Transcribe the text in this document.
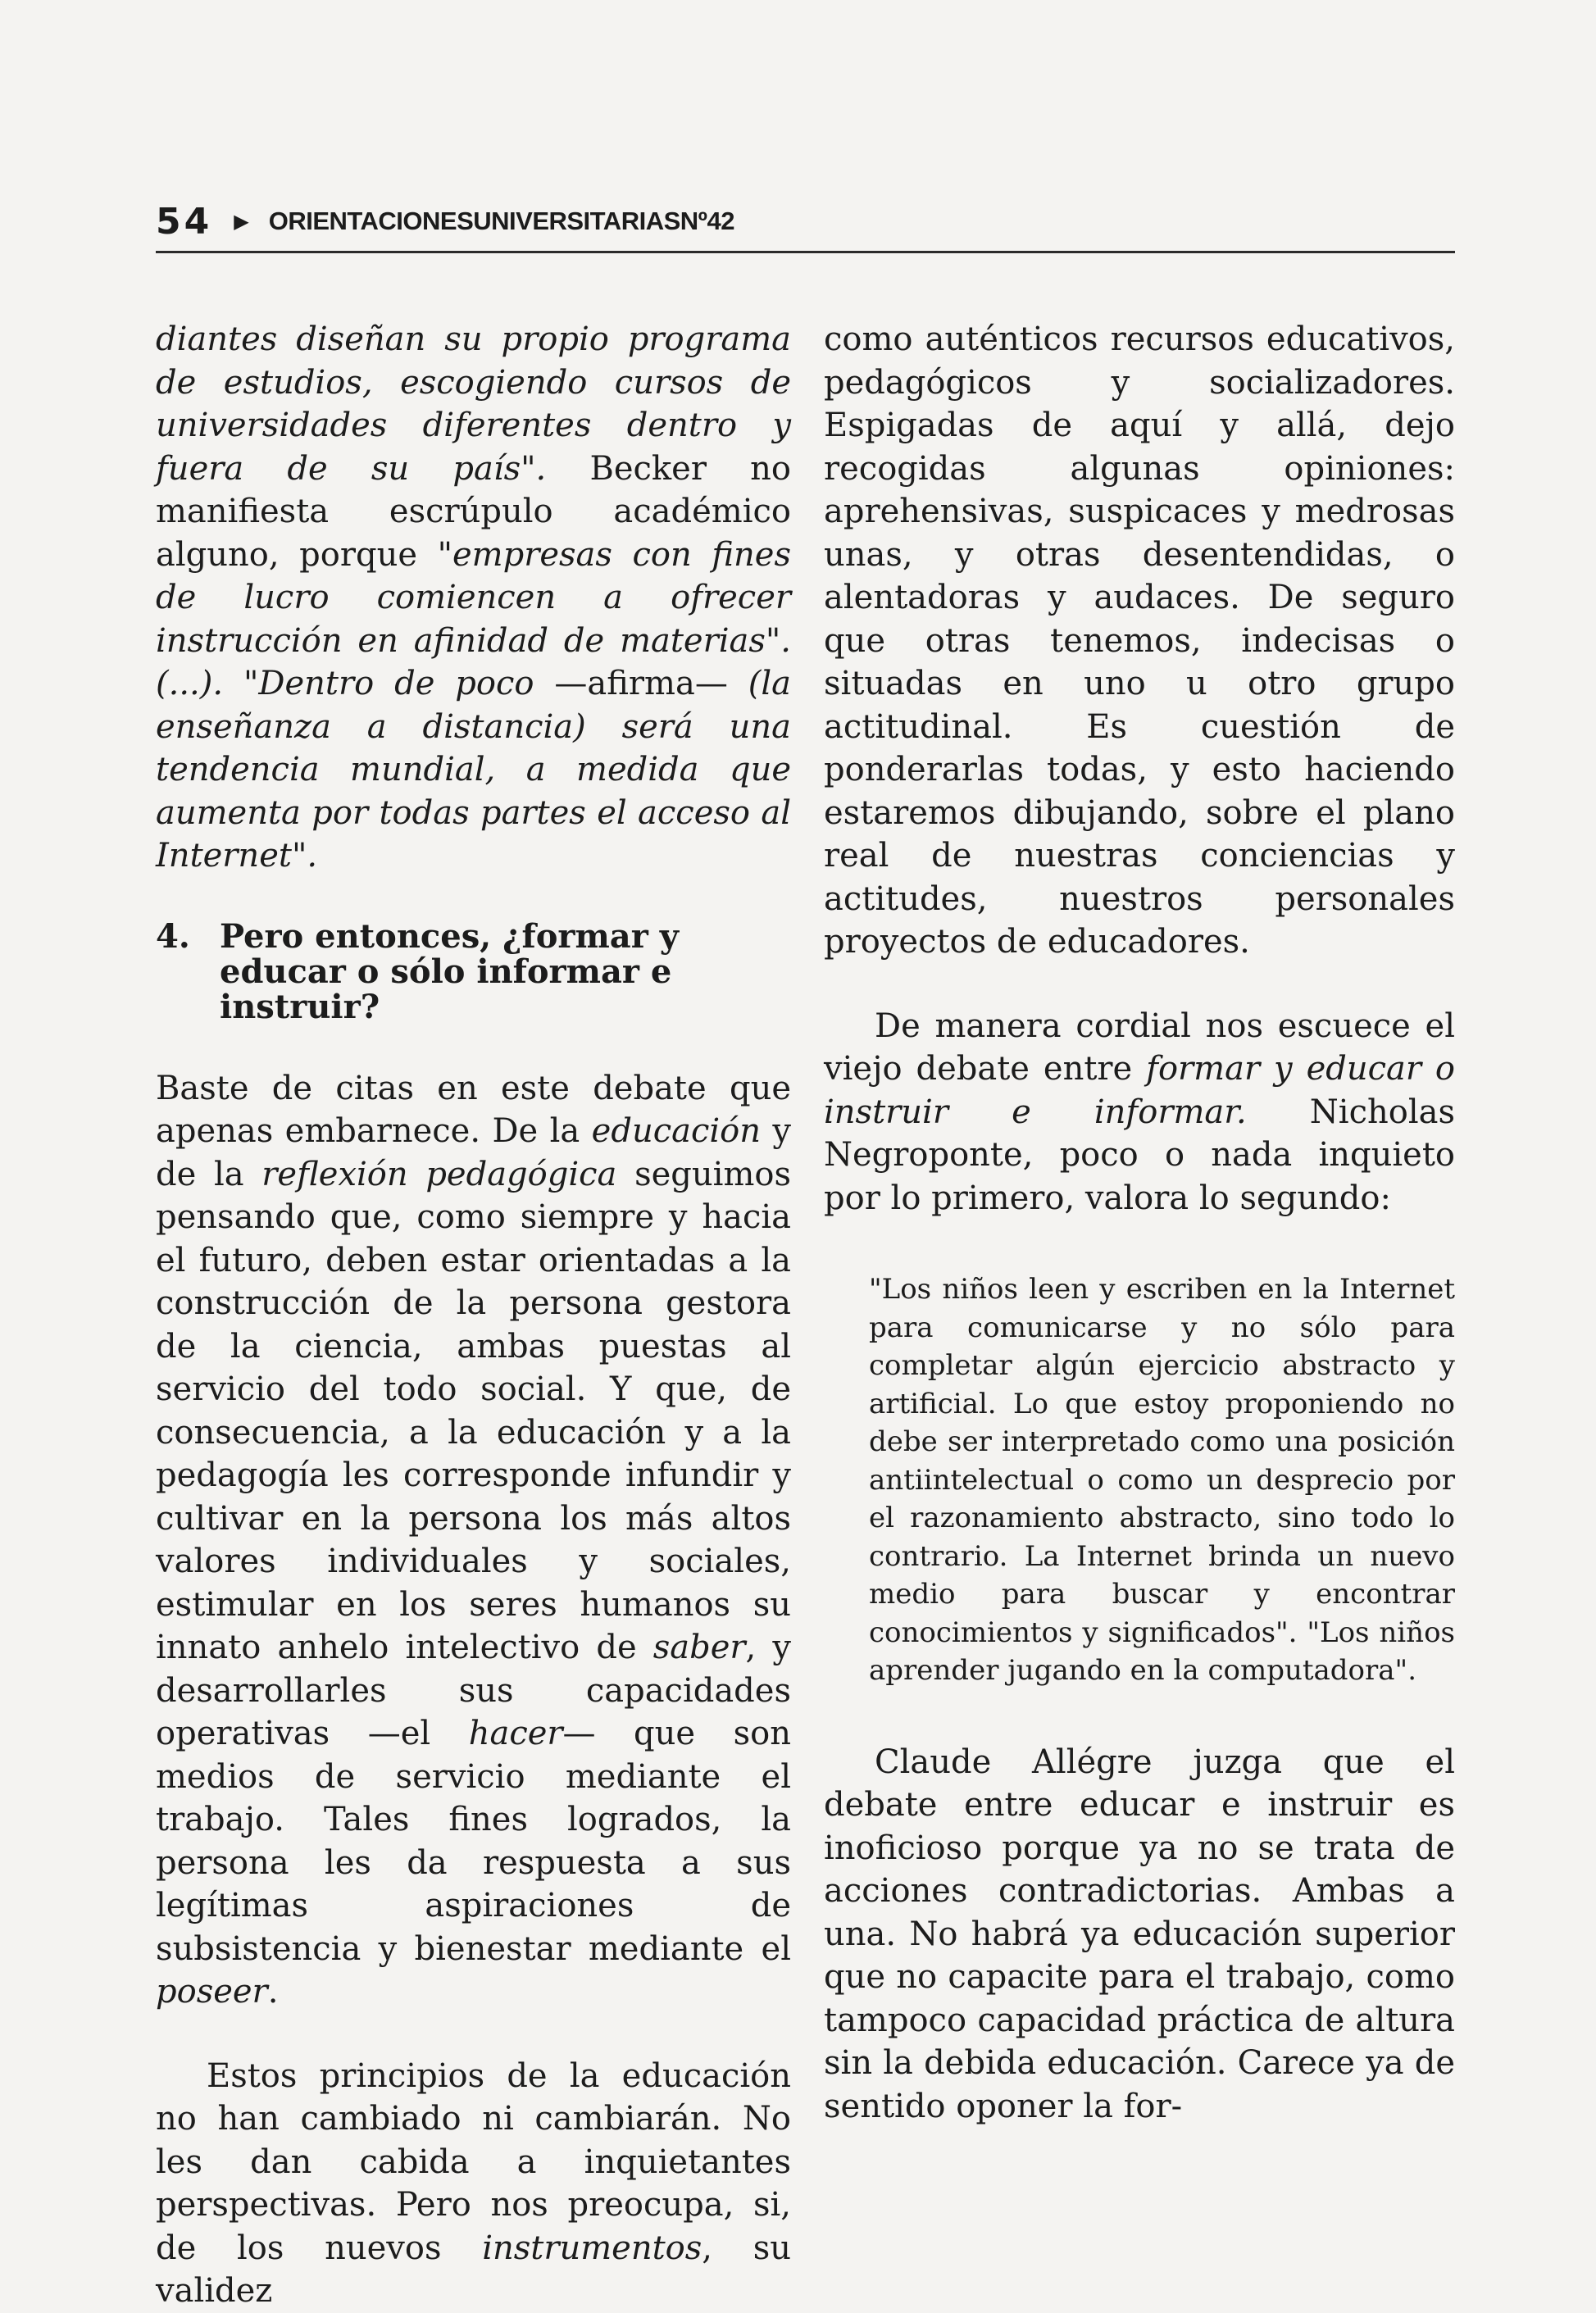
54 ▶ ORIENTACIONESUNIVERSITARIASNº42

diantes diseñan su propio programa de estudios, escogiendo cursos de universidades diferentes dentro y fuera de su país". Becker no manifiesta escrúpulo académico alguno, porque "empresas con fines de lucro comiencen a ofrecer instrucción en afinidad de materias". (...). "Dentro de poco —afirma— (la enseñanza a distancia) será una tendencia mundial, a medida que aumenta por todas partes el acceso al Internet".

4. Pero entonces, ¿formar y educar o sólo informar e instruir?

Baste de citas en este debate que apenas embarnece. De la educación y de la reflexión pedagógica seguimos pensando que, como siempre y hacia el futuro, deben estar orientadas a la construcción de la persona gestora de la ciencia, ambas puestas al servicio del todo social. Y que, de consecuencia, a la educación y a la pedagogía les corresponde infundir y cultivar en la persona los más altos valores individuales y sociales, estimular en los seres humanos su innato anhelo intelectivo de saber, y desarrollarles sus capacidades operativas —el hacer— que son medios de servicio mediante el trabajo. Tales fines logrados, la persona les da respuesta a sus legítimas aspiraciones de subsistencia y bienestar mediante el poseer.

Estos principios de la educación no han cambiado ni cambiarán. No les dan cabida a inquietantes perspectivas. Pero nos preocupa, si, de los nuevos instrumentos, su validez

como auténticos recursos educativos, pedagógicos y socializadores. Espigadas de aquí y allá, dejo recogidas algunas opiniones: aprehensivas, suspicaces y medrosas unas, y otras desentendidas, o alentadoras y audaces. De seguro que otras tenemos, indecisas o situadas en uno u otro grupo actitudinal. Es cuestión de ponderarlas todas, y esto haciendo estaremos dibujando, sobre el plano real de nuestras conciencias y actitudes, nuestros personales proyectos de educadores.

De manera cordial nos escuece el viejo debate entre formar y educar o instruir e informar. Nicholas Negroponte, poco o nada inquieto por lo primero, valora lo segundo:

"Los niños leen y escriben en la Internet para comunicarse y no sólo para completar algún ejercicio abstracto y artificial. Lo que estoy proponiendo no debe ser interpretado como una posición antiintelectual o como un desprecio por el razonamiento abstracto, sino todo lo contrario. La Internet brinda un nuevo medio para buscar y encontrar conocimientos y significados". "Los niños aprender jugando en la computadora".

Claude Allégre juzga que el debate entre educar e instruir es inoficioso porque ya no se trata de acciones contradictorias. Ambas a una. No habrá ya educación superior que no capacite para el trabajo, como tampoco capacidad práctica de altura sin la debida educación. Carece ya de sentido oponer la for-
